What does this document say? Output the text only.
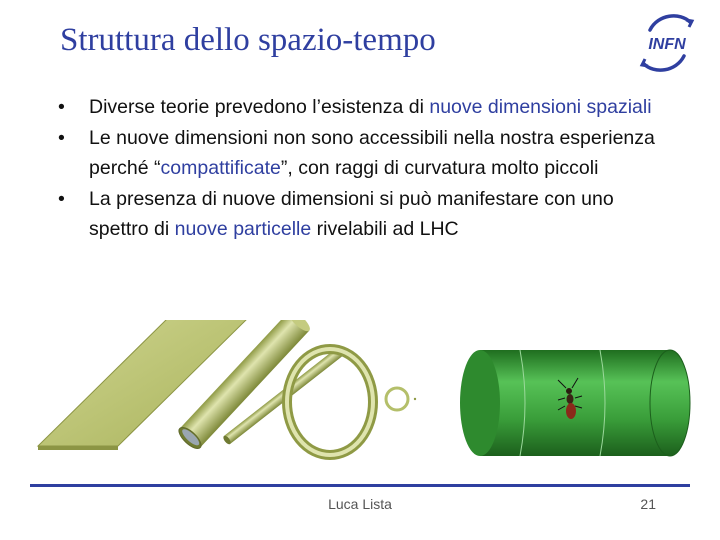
Struttura dello spazio-tempo	INFN
• Diverse teorie prevedono l’esistenza di nuove dimensioni spaziali
• Le nuove dimensioni non sono accessibili nella nostra esperienza perché “compattificate”, con raggi di curvatura molto piccoli
• La presenza di nuove dimensioni si può manifestare con uno spettro di nuove particelle rivelabili ad LHC
Luca Lista	21
